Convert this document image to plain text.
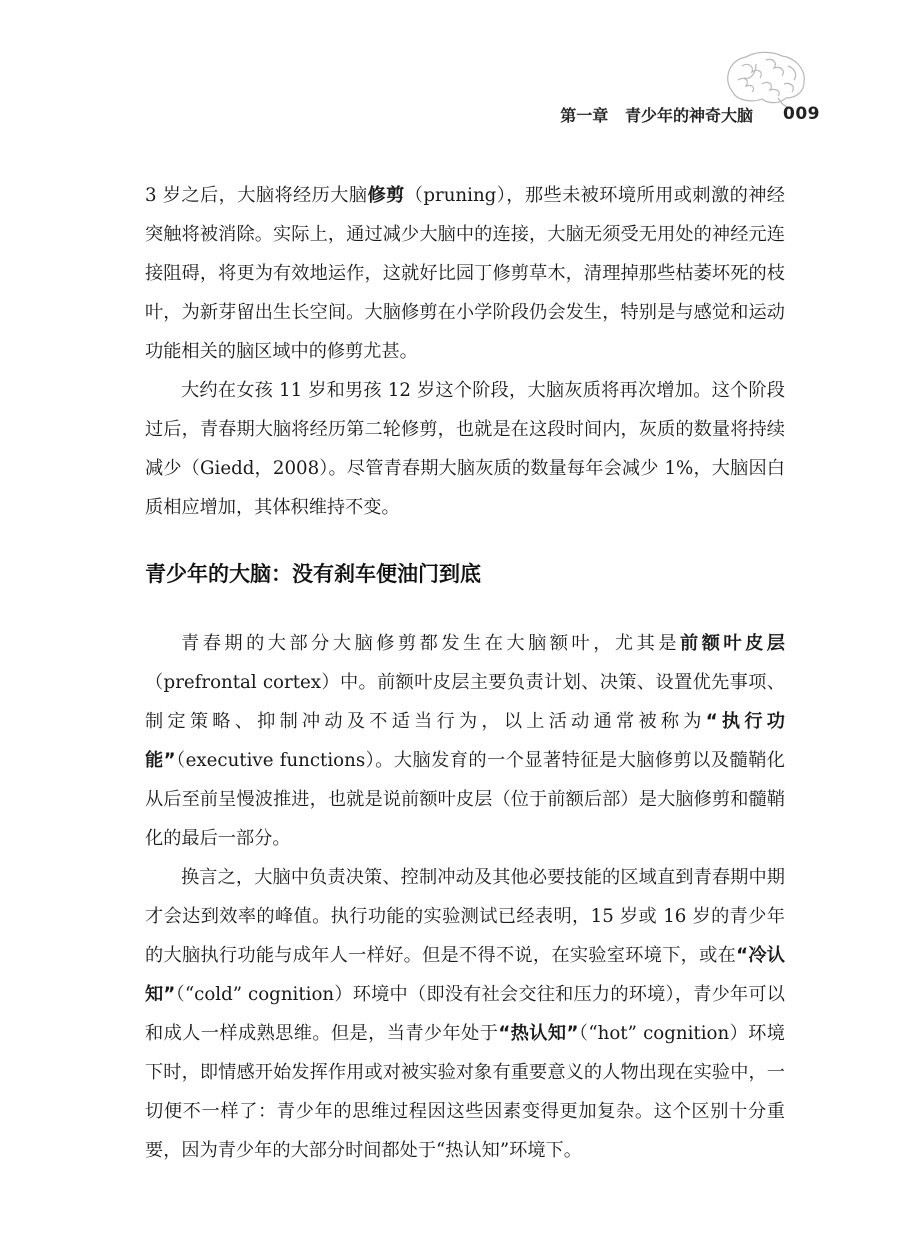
第一章 青少年的神奇大脑 009

3 岁之后，大脑将经历大脑修剪（pruning），那些未被环境所用或刺激的神经突触将被消除。实际上，通过减少大脑中的连接，大脑无须受无用处的神经元连接阻碍，将更为有效地运作，这就好比园丁修剪草木，清理掉那些枯萎坏死的枝叶，为新芽留出生长空间。大脑修剪在小学阶段仍会发生，特别是与感觉和运动功能相关的脑区域中的修剪尤甚。

大约在女孩 11 岁和男孩 12 岁这个阶段，大脑灰质将再次增加。这个阶段过后，青春期大脑将经历第二轮修剪，也就是在这段时间内，灰质的数量将持续减少（Giedd，2008）。尽管青春期大脑灰质的数量每年会减少 1%，大脑因白质相应增加，其体积维持不变。

青少年的大脑：没有刹车便油门到底

青春期的大部分大脑修剪都发生在大脑额叶，尤其是前额叶皮层（prefrontal cortex）中。前额叶皮层主要负责计划、决策、设置优先事项、制定策略、抑制冲动及不适当行为，以上活动通常被称为“执行功能”（executive functions）。大脑发育的一个显著特征是大脑修剪以及髓鞘化从后至前呈慢波推进，也就是说前额叶皮层（位于前额后部）是大脑修剪和髓鞘化的最后一部分。

换言之，大脑中负责决策、控制冲动及其他必要技能的区域直到青春期中期才会达到效率的峰值。执行功能的实验测试已经表明，15 岁或 16 岁的青少年的大脑执行功能与成年人一样好。但是不得不说，在实验室环境下，或在“冷认知”（“cold” cognition）环境中（即没有社会交往和压力的环境），青少年可以和成人一样成熟思维。但是，当青少年处于“热认知”（“hot” cognition）环境下时，即情感开始发挥作用或对被实验对象有重要意义的人物出现在实验中，一切便不一样了：青少年的思维过程因这些因素变得更加复杂。这个区别十分重要，因为青少年的大部分时间都处于“热认知”环境下。
